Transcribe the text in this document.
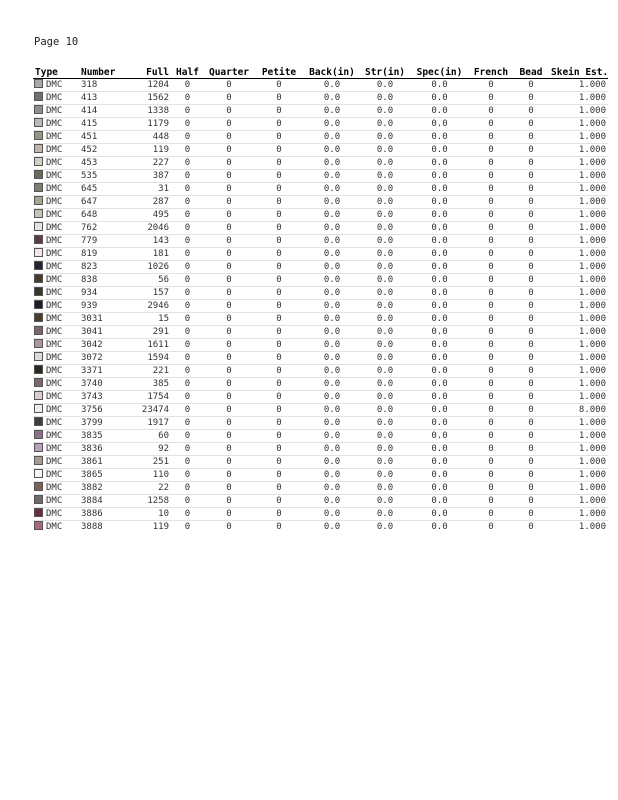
Page 10
Type	Number	Full	Half	Quarter	Petite	Back(in)	Str(in)	Spec(in)	French	Bead	Skein Est.
DMC	318	1204	0	0	0	0.0	0.0	0.0	0	0	1.000
DMC	413	1562	0	0	0	0.0	0.0	0.0	0	0	1.000
DMC	414	1338	0	0	0	0.0	0.0	0.0	0	0	1.000
DMC	415	1179	0	0	0	0.0	0.0	0.0	0	0	1.000
DMC	451	448	0	0	0	0.0	0.0	0.0	0	0	1.000
DMC	452	119	0	0	0	0.0	0.0	0.0	0	0	1.000
DMC	453	227	0	0	0	0.0	0.0	0.0	0	0	1.000
DMC	535	387	0	0	0	0.0	0.0	0.0	0	0	1.000
DMC	645	31	0	0	0	0.0	0.0	0.0	0	0	1.000
DMC	647	287	0	0	0	0.0	0.0	0.0	0	0	1.000
DMC	648	495	0	0	0	0.0	0.0	0.0	0	0	1.000
DMC	762	2046	0	0	0	0.0	0.0	0.0	0	0	1.000
DMC	779	143	0	0	0	0.0	0.0	0.0	0	0	1.000
DMC	819	181	0	0	0	0.0	0.0	0.0	0	0	1.000
DMC	823	1026	0	0	0	0.0	0.0	0.0	0	0	1.000
DMC	838	56	0	0	0	0.0	0.0	0.0	0	0	1.000
DMC	934	157	0	0	0	0.0	0.0	0.0	0	0	1.000
DMC	939	2946	0	0	0	0.0	0.0	0.0	0	0	1.000
DMC	3031	15	0	0	0	0.0	0.0	0.0	0	0	1.000
DMC	3041	291	0	0	0	0.0	0.0	0.0	0	0	1.000
DMC	3042	1611	0	0	0	0.0	0.0	0.0	0	0	1.000
DMC	3072	1594	0	0	0	0.0	0.0	0.0	0	0	1.000
DMC	3371	221	0	0	0	0.0	0.0	0.0	0	0	1.000
DMC	3740	385	0	0	0	0.0	0.0	0.0	0	0	1.000
DMC	3743	1754	0	0	0	0.0	0.0	0.0	0	0	1.000
DMC	3756	23474	0	0	0	0.0	0.0	0.0	0	0	8.000
DMC	3799	1917	0	0	0	0.0	0.0	0.0	0	0	1.000
DMC	3835	60	0	0	0	0.0	0.0	0.0	0	0	1.000
DMC	3836	92	0	0	0	0.0	0.0	0.0	0	0	1.000
DMC	3861	251	0	0	0	0.0	0.0	0.0	0	0	1.000
DMC	3865	110	0	0	0	0.0	0.0	0.0	0	0	1.000
DMC	3882	22	0	0	0	0.0	0.0	0.0	0	0	1.000
DMC	3884	1258	0	0	0	0.0	0.0	0.0	0	0	1.000
DMC	3886	10	0	0	0	0.0	0.0	0.0	0	0	1.000
DMC	3888	119	0	0	0	0.0	0.0	0.0	0	0	1.000
